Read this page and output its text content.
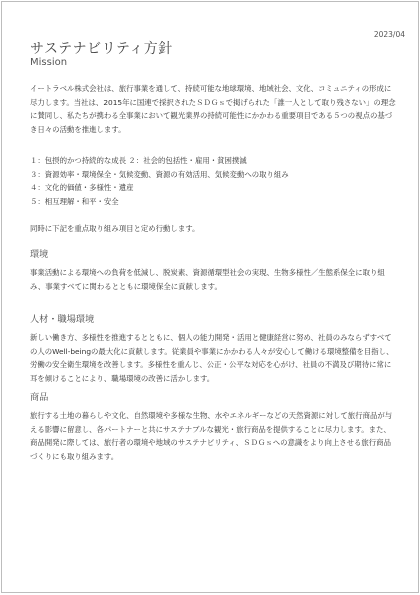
2023/04
サステナビリティ方針
Mission

イートラベル株式会社は、旅行事業を通して、持続可能な地球環境、地域社会、文化、コミュニティの形成に尽力します。当社は、2015年に国連で採択されたＳＤＧｓで掲げられた「誰一人として取り残さない」の理念に賛同し、私たちが携わる全事業において観光業界の持続可能性にかかわる重要項目である５つの視点の基づき日々の活動を推進します。

１：包摂的かつ持続的な成長 ２：社会的包括性・雇用・貧困撲滅
３：資源効率・環境保全・気候変動、資源の有効活用、気候変動への取り組み
４：文化的価値・多様性・遺産
５：相互理解・和平・安全

同時に下記を重点取り組み項目と定め行動します。

環境

事業活動による環境への負荷を低減し、脱炭素、資源循環型社会の実現、生物多様性／生態系保全に取り組み、事業すべてに関わるとともに環境保全に貢献します。

人材・職場環境

新しい働き方、多様性を推進するとともに、個人の能力開発・活用と健康経営に努め、社員のみならずすべての人のWell-beingの最大化に貢献します。従業員や事業にかかわる人々が安心して働ける環境整備を目指し、労働の安全衛生環境を改善します。多様性を重んじ、公正・公平な対応を心がけ、社員の不満及び期待に常に耳を傾けることにより、職場環境の改善に活かします。

商品

旅行する土地の暮らしや文化、自然環境や多様な生物、水やエネルギーなどの天然資源に対して旅行商品が与える影響に留意し、各パートナーと共にサステナブルな観光・旅行商品を提供することに尽力します。また、商品開発に際しては、旅行者の環境や地域のサステナビリティ、ＳＤＧｓへの意識をより向上させる旅行商品づくりにも取り組みます。
